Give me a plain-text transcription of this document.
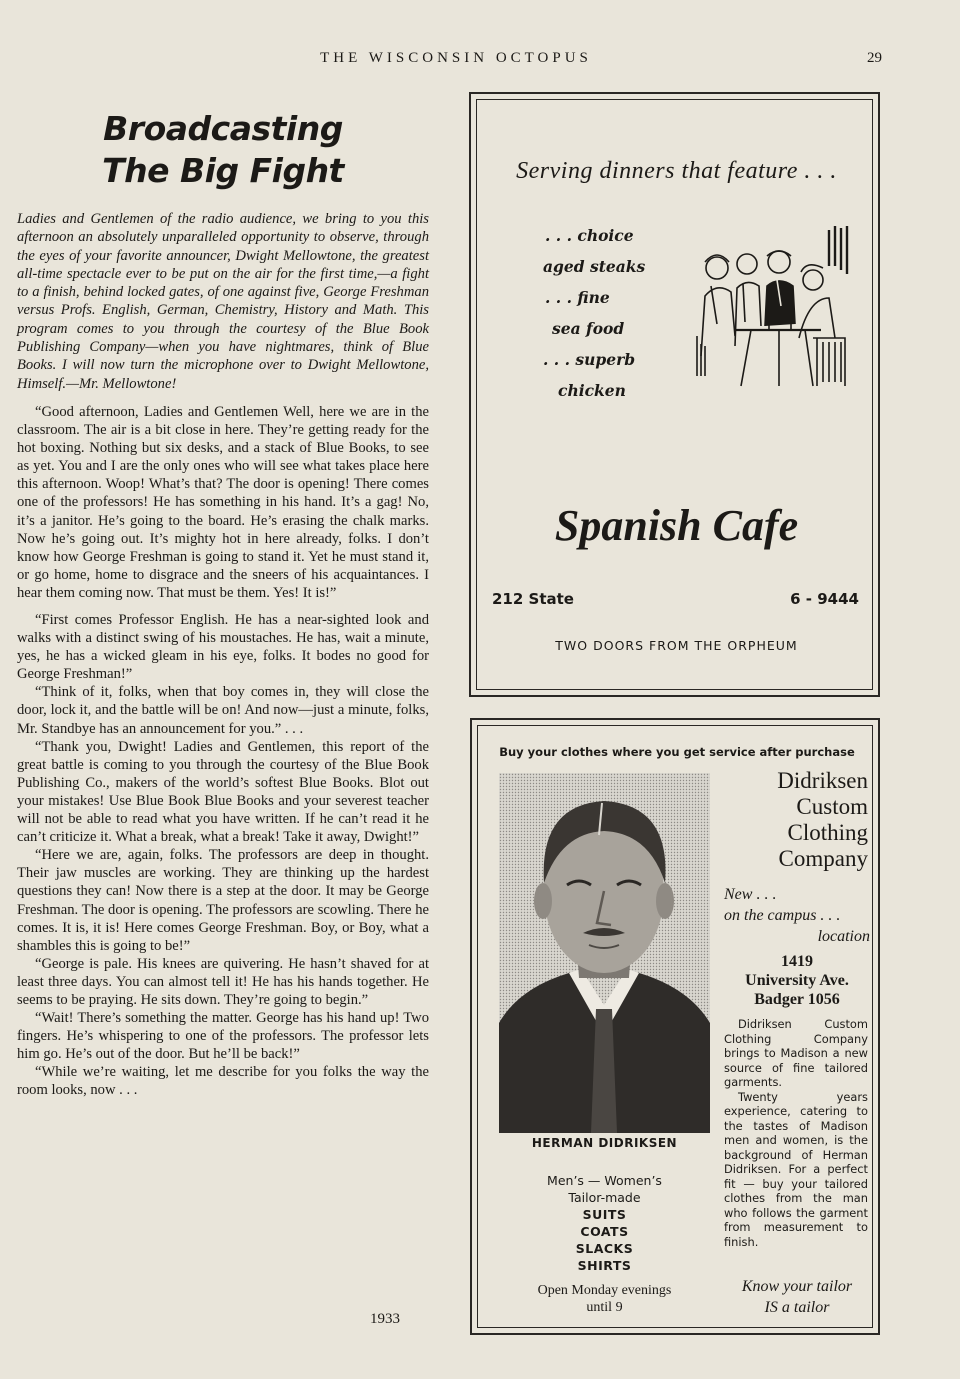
THE WISCONSIN OCTOPUS	29
Broadcasting
The Big Fight
Ladies and Gentlemen of the radio audience, we bring to you this afternoon an absolutely unparalleled opportunity to observe, through the eyes of your favorite announcer, Dwight Mellowtone, the greatest all-time spectacle ever to be put on the air for the first time,—a fight to a finish, behind locked gates, of one against five, George Freshman versus Profs. English, German, Chemistry, History and Math. This program comes to you through the courtesy of the Blue Book Publishing Company—when you have nightmares, think of Blue Books. I will now turn the microphone over to Dwight Mellowtone, Himself.—Mr. Mellowtone!

“Good afternoon, Ladies and Gentlemen Well, here we are in the classroom. The air is a bit close in here. They’re getting ready for the hot boxing. Nothing but six desks, and a stack of Blue Books, to see as yet. You and I are the only ones who will see what takes place here this afternoon. Woop! What’s that? The door is opening! There comes one of the professors! He has something in his hand. It’s a gag! No, it’s a janitor. He’s going to the board. He’s erasing the chalk marks. Now he’s going out. It’s mighty hot in here already, folks. I don’t know how George Freshman is going to stand it. Yet he must stand it, or go home, home to disgrace and the sneers of his acquaintances. I hear them coming now. That must be them. Yes! It is!”

“First comes Professor English. He has a near-sighted look and walks with a distinct swing of his moustaches. He has, wait a minute, yes, he has a wicked gleam in his eye, folks. It bodes no good for George Freshman!”

“Think of it, folks, when that boy comes in, they will close the door, lock it, and the battle will be on! And now—just a minute, folks, Mr. Standbye has an announcement for you.” . . .

“Thank you, Dwight! Ladies and Gentlemen, this report of the great battle is coming to you through the courtesy of the Blue Book Publishing Co., makers of the world’s softest Blue Books. Blot out your mistakes! Use Blue Book Blue Books and your severest teacher will not be able to read what you have written. If he can’t read it he can’t criticize it. What a break, what a break! Take it away, Dwight!”

“Here we are, again, folks. The professors are deep in thought. Their jaw muscles are working. They are thinking up the hardest questions they can! Now there is a step at the door. It may be George Freshman. The door is opening. The professors are scowling. There he comes. It is, it is! Here comes George Freshman. Boy, or Boy, what a shambles this is going to be!”

“George is pale. His knees are quivering. He hasn’t shaved for at least three days. You can almost tell it! He has his hands together. He seems to be praying. He sits down. They’re going to begin.”

“Wait! There’s something the matter. George has his hand up! Two fingers. He’s whispering to one of the professors. The professor lets him go. He’s out of the door. But he’ll be back!”

“While we’re waiting, let me describe for you folks the way the room looks, now . . .

1933
Serving dinners that feature . . .
. . . choice
aged steaks
. . . fine
sea food
. . . superb
chicken
Spanish Cafe
212 State	6 - 9444
TWO DOORS FROM THE ORPHEUM
Buy your clothes where you get service after purchase
HERMAN DIDRIKSEN
Men’s — Women’s
Tailor-made
SUITS
COATS
SLACKS
SHIRTS
Open Monday evenings
until 9
Didriksen
Custom
Clothing
Company
New . . .
on the campus . . .
location
1419
University Ave.
Badger 1056

Didriksen Custom Clothing Company brings to Madison a new source of fine tailored garments.

Twenty years experience, catering to the tastes of Madison men and women, is the background of Herman Didriksen. For a perfect fit — buy your tailored clothes from the man who follows the garment from measurement to finish.

Know your tailor
IS a tailor
